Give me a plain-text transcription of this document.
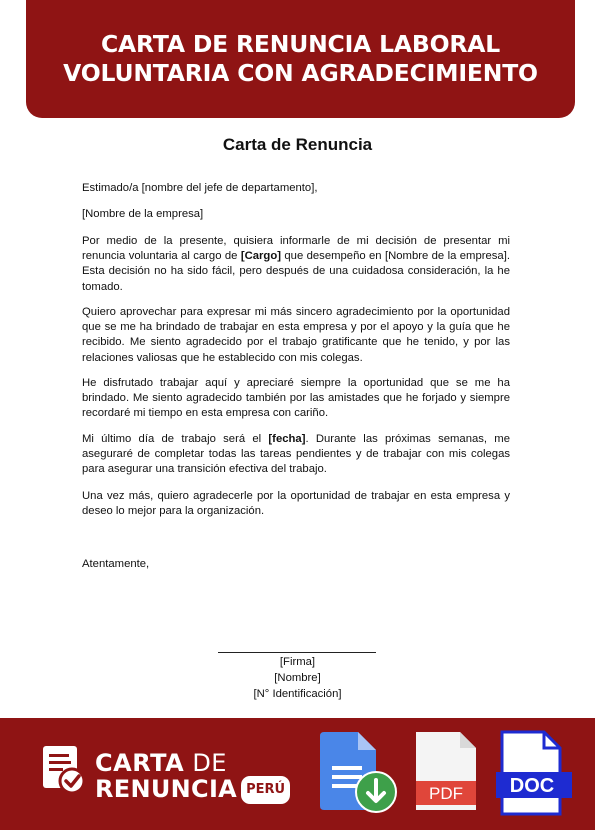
CARTA DE RENUNCIA LABORAL
VOLUNTARIA CON AGRADECIMIENTO
Carta de Renuncia

Estimado/a [nombre del jefe de departamento],

[Nombre de la empresa]

Por medio de la presente, quisiera informarle de mi decisión de presentar mi renuncia voluntaria al cargo de [Cargo] que desempeño en [Nombre de la empresa]. Esta decisión no ha sido fácil, pero después de una cuidadosa consideración, la he tomado.

Quiero aprovechar para expresar mi más sincero agradecimiento por la oportunidad que se me ha brindado de trabajar en esta empresa y por el apoyo y la guía que he recibido. Me siento agradecido por el trabajo gratificante que he tenido, y por las relaciones valiosas que he establecido con mis colegas.

He disfrutado trabajar aquí y apreciaré siempre la oportunidad que se me ha brindado. Me siento agradecido también por las amistades que he forjado y siempre recordaré mi tiempo en esta empresa con cariño.

Mi último día de trabajo será el [fecha]. Durante las próximas semanas, me aseguraré de completar todas las tareas pendientes y de trabajar con mis colegas para asegurar una transición efectiva del trabajo.

Una vez más, quiero agradecerle por la oportunidad de trabajar en esta empresa y deseo lo mejor para la organización.

Atentamente,

[Firma]
[Nombre]
[N° Identificación]
CARTA DE
RENUNCIA PERÚ	PDF DOC
